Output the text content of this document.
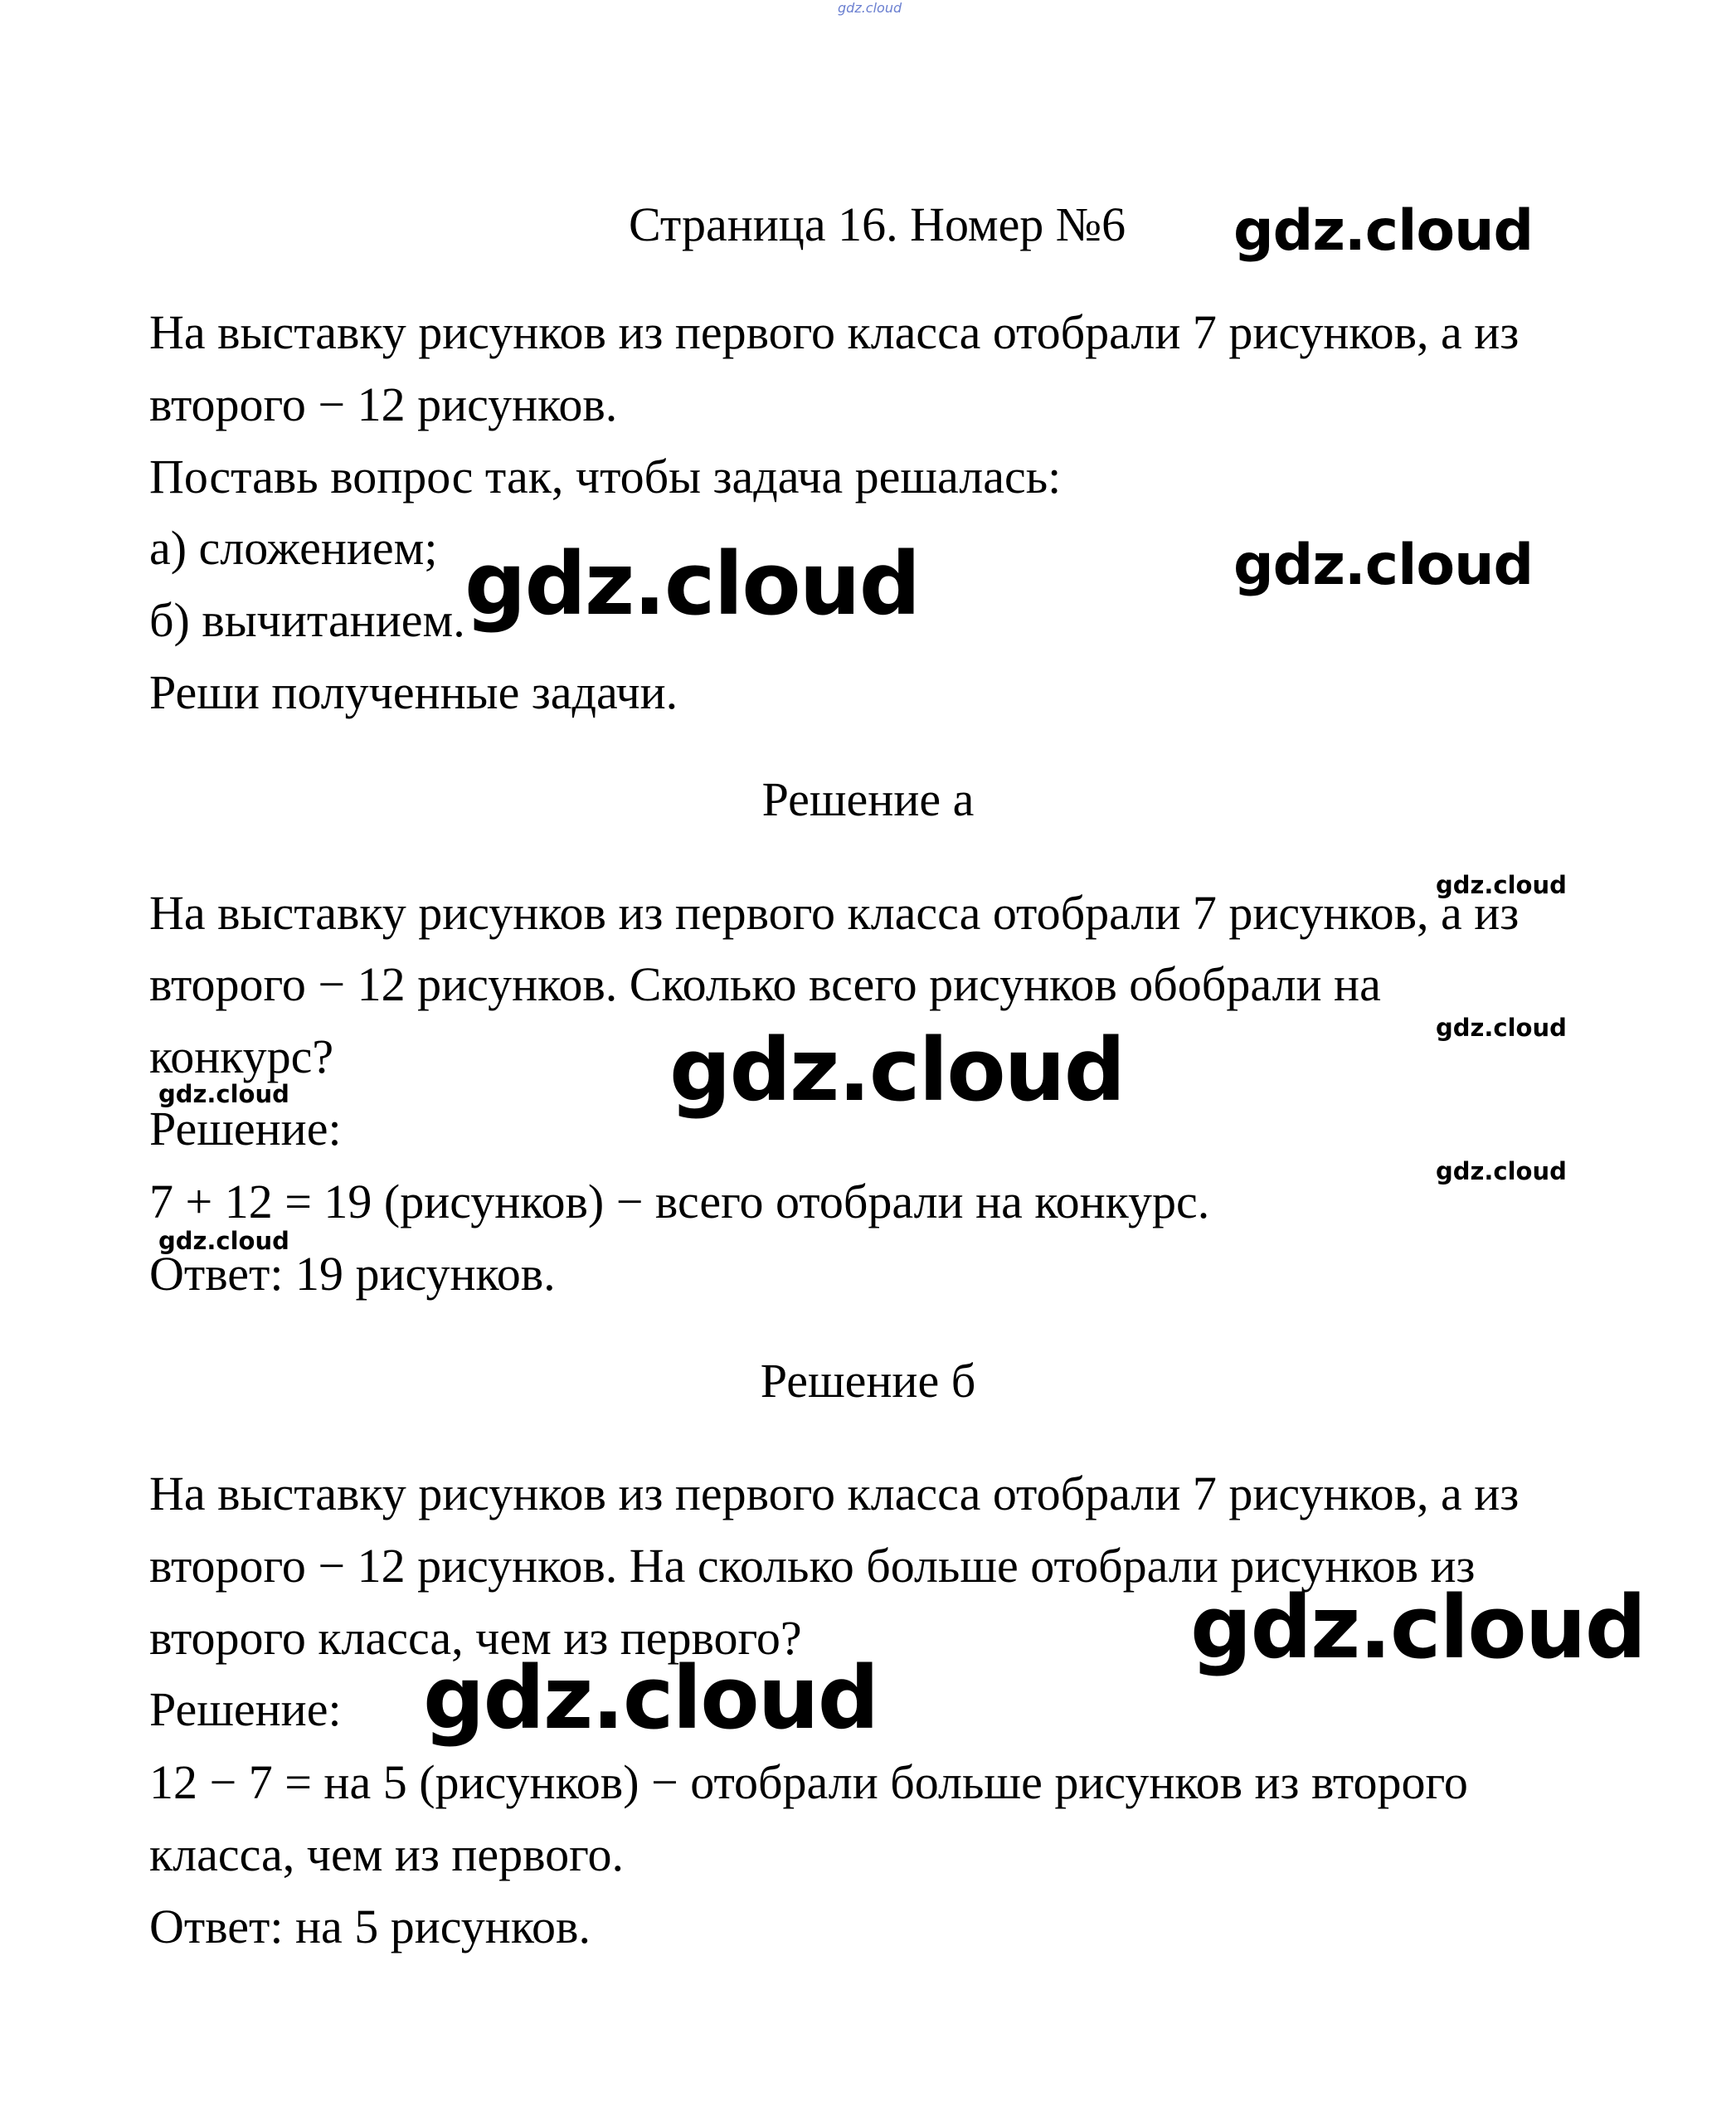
gdz.cloud
Страница 16. Номер №6

На выставку рисунков из первого класса отобрали 7 рисунков, а из

второго − 12 рисунков.

Поставь вопрос так, чтобы задача решалась:

а) сложением;

б) вычитанием.

Реши полученные задачи.

Решение а

На выставку рисунков из первого класса отобрали 7 рисунков, а из

второго − 12 рисунков. Сколько всего рисунков обобрали на

конкурс?

Решение:

7 + 12 = 19 (рисунков) − всего отобрали на конкурс.

Ответ: 19 рисунков.

Решение б

На выставку рисунков из первого класса отобрали 7 рисунков, а из

второго − 12 рисунков. На сколько больше отобрали рисунков из

второго класса, чем из первого?

Решение:

12 − 7 = на 5 (рисунков) − отобрали больше рисунков из второго

класса, чем из первого.

Ответ: на 5 рисунков.

gdz.cloud
gdz.cloud
gdz.cloud
gdz.cloud
gdz.cloud
gdz.cloud
gdz.cloud
gdz.cloud
gdz.cloud
gdz.cloud
gdz.cloud
